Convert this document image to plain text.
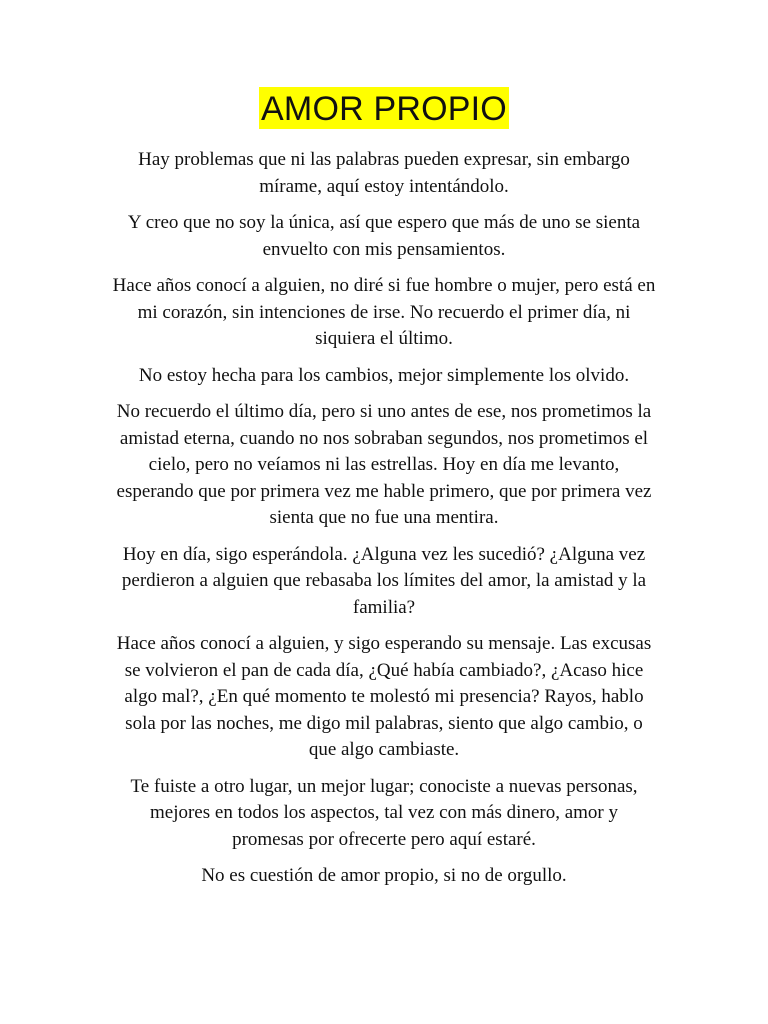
AMOR PROPIO

Hay problemas que ni las palabras pueden expresar, sin embargo mírame, aquí estoy intentándolo.

Y creo que no soy la única, así que espero que más de uno se sienta envuelto con mis pensamientos.

Hace años conocí a alguien, no diré si fue hombre o mujer, pero está en mi corazón, sin intenciones de irse. No recuerdo el primer día, ni siquiera el último.

No estoy hecha para los cambios, mejor simplemente los olvido.

No recuerdo el último día, pero si uno antes de ese, nos prometimos la amistad eterna, cuando no nos sobraban segundos, nos prometimos el cielo, pero no veíamos ni las estrellas. Hoy en día me levanto, esperando que por primera vez me hable primero, que por primera vez sienta que no fue una mentira.

Hoy en día, sigo esperándola. ¿Alguna vez les sucedió? ¿Alguna vez perdieron a alguien que rebasaba los límites del amor, la amistad y la familia?

Hace años conocí a alguien, y sigo esperando su mensaje. Las excusas se volvieron el pan de cada día, ¿Qué había cambiado?, ¿Acaso hice algo mal?, ¿En qué momento te molestó mi presencia? Rayos, hablo sola por las noches, me digo mil palabras, siento que algo cambio, o que algo cambiaste.

Te fuiste a otro lugar, un mejor lugar; conociste a nuevas personas, mejores en todos los aspectos, tal vez con más dinero, amor y promesas por ofrecerte pero aquí estaré.

No es cuestión de amor propio, si no de orgullo.
